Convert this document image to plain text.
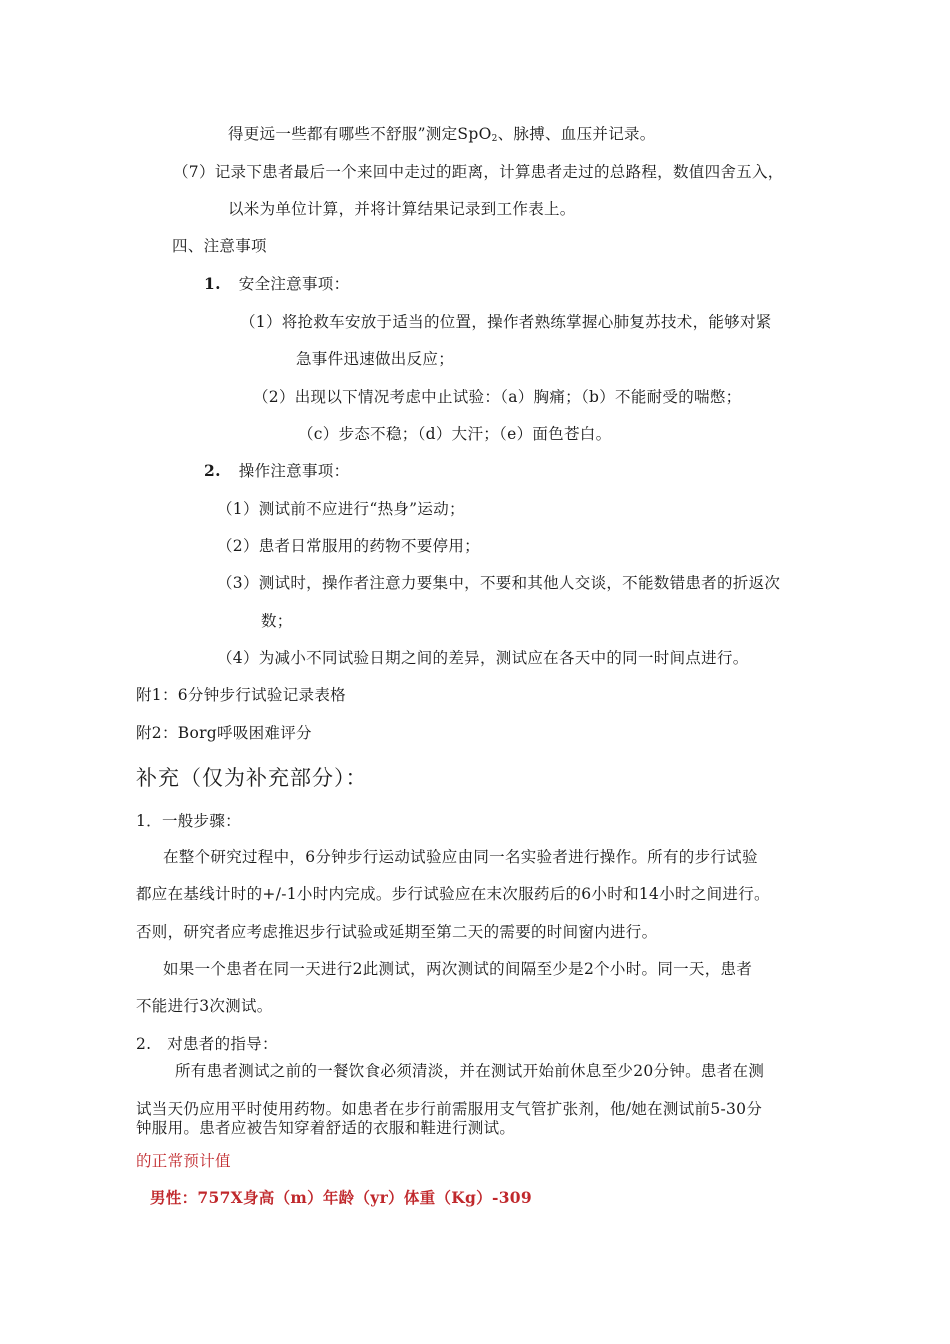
得更远一些都有哪些不舒服”测定SpO$_2$、脉搏、血压并记录。
（7）记录下患者最后一个来回中走过的距离，计算患者走过的总路程，数值四舍五入，
以米为单位计算，并将计算结果记录到工作表上。
四、注意事项
1. 安全注意事项：
（1）将抢救车安放于适当的位置，操作者熟练掌握心肺复苏技术，能够对紧
急事件迅速做出反应；
（2）出现以下情况考虑中止试验：（a）胸痛；（b）不能耐受的喘憋；
（c）步态不稳；（d）大汗；（e）面色苍白。
2. 操作注意事项：
（1）测试前不应进行“热身”运动；
（2）患者日常服用的药物不要停用；
（3）测试时，操作者注意力要集中，不要和其他人交谈，不能数错患者的折返次
数；
（4）为减小不同试验日期之间的差异，测试应在各天中的同一时间点进行。
附1：6分钟步行试验记录表格
附2：Borg呼吸困难评分
补充（仅为补充部分）：
1．一般步骤：
在整个研究过程中，6分钟步行运动试验应由同一名实验者进行操作。所有的步行试验
都应在基线计时的+/-1小时内完成。步行试验应在末次服药后的6小时和14小时之间进行。
否则，研究者应考虑推迟步行试验或延期至第二天的需要的时间窗内进行。
如果一个患者在同一天进行2此测试，两次测试的间隔至少是2个小时。同一天，患者
不能进行3次测试。
2.　对患者的指导：
所有患者测试之前的一餐饮食必须清淡，并在测试开始前休息至少20分钟。患者在测
试当天仍应用平时使用药物。如患者在步行前需服用支气管扩张剂，他/她在测试前5-30分
钟服用。患者应被告知穿着舒适的衣服和鞋进行测试。
的正常预计值
男性：757X身高（m）年龄（yr）体重（Kg）-309
